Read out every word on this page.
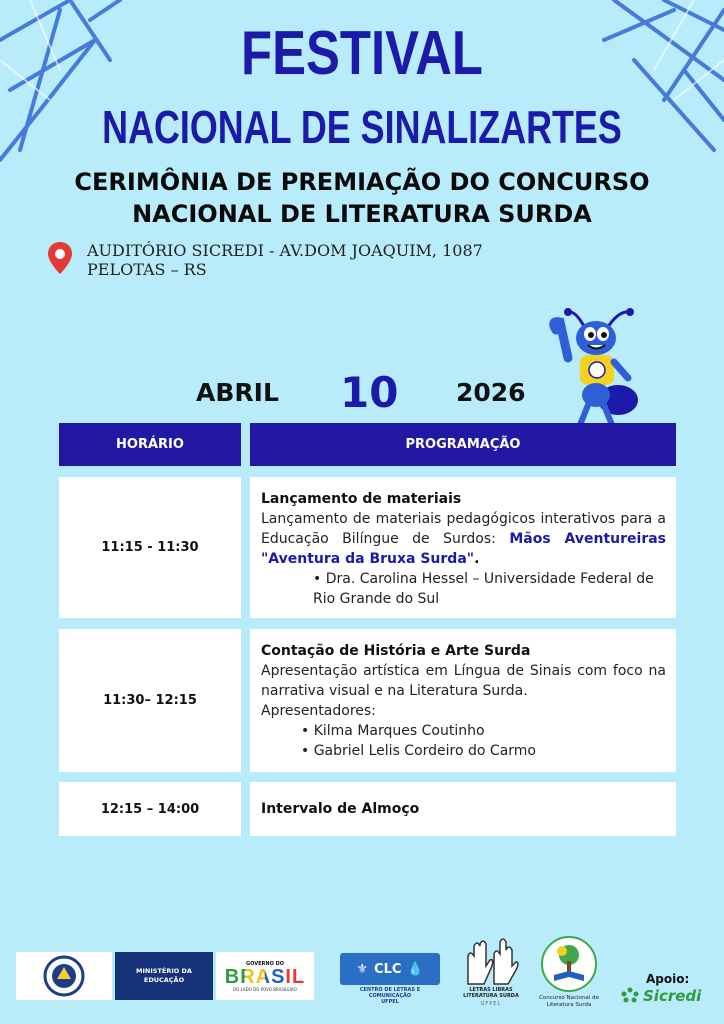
FESTIVAL
NACIONAL DE SINALIZARTES
CERIMÔNIA DE PREMIAÇÃO DO CONCURSO
NACIONAL DE LITERATURA SURDA
AUDITÓRIO SICREDI - AV.DOM JOAQUIM, 1087
PELOTAS – RS
ABRIL 10 2026
HORÁRIO	PROGRAMAÇÃO
11:15 - 11:30
Lançamento de materiais
Lançamento de materiais pedagógicos interativos para a Educação Bilíngue de Surdos: Mãos Aventureiras "Aventura da Bruxa Surda".
• Dra. Carolina Hessel – Universidade Federal de Rio Grande do Sul
11:30– 12:15
Contação de História e Arte Surda
Apresentação artística em Língua de Sinais com foco na narrativa visual e na Literatura Surda.
Apresentadores:
• Kilma Marques Coutinho
• Gabriel Lelis Cordeiro do Carmo
12:15 – 14:00	Intervalo de Almoço
MINISTÉRIO DA
EDUCAÇÃO
GOVERNO DO
BRASIL
DO LADO DO POVO BRASILEIRO
⚜ CLC 💧
CENTRO DE LETRAS E COMUNICAÇÃO
UFPEL
LETRAS LIBRAS
LITERATURA SURDA
UFPEL
Concurso Nacional de
Literatura Surda
Apoio:
Sicredi
